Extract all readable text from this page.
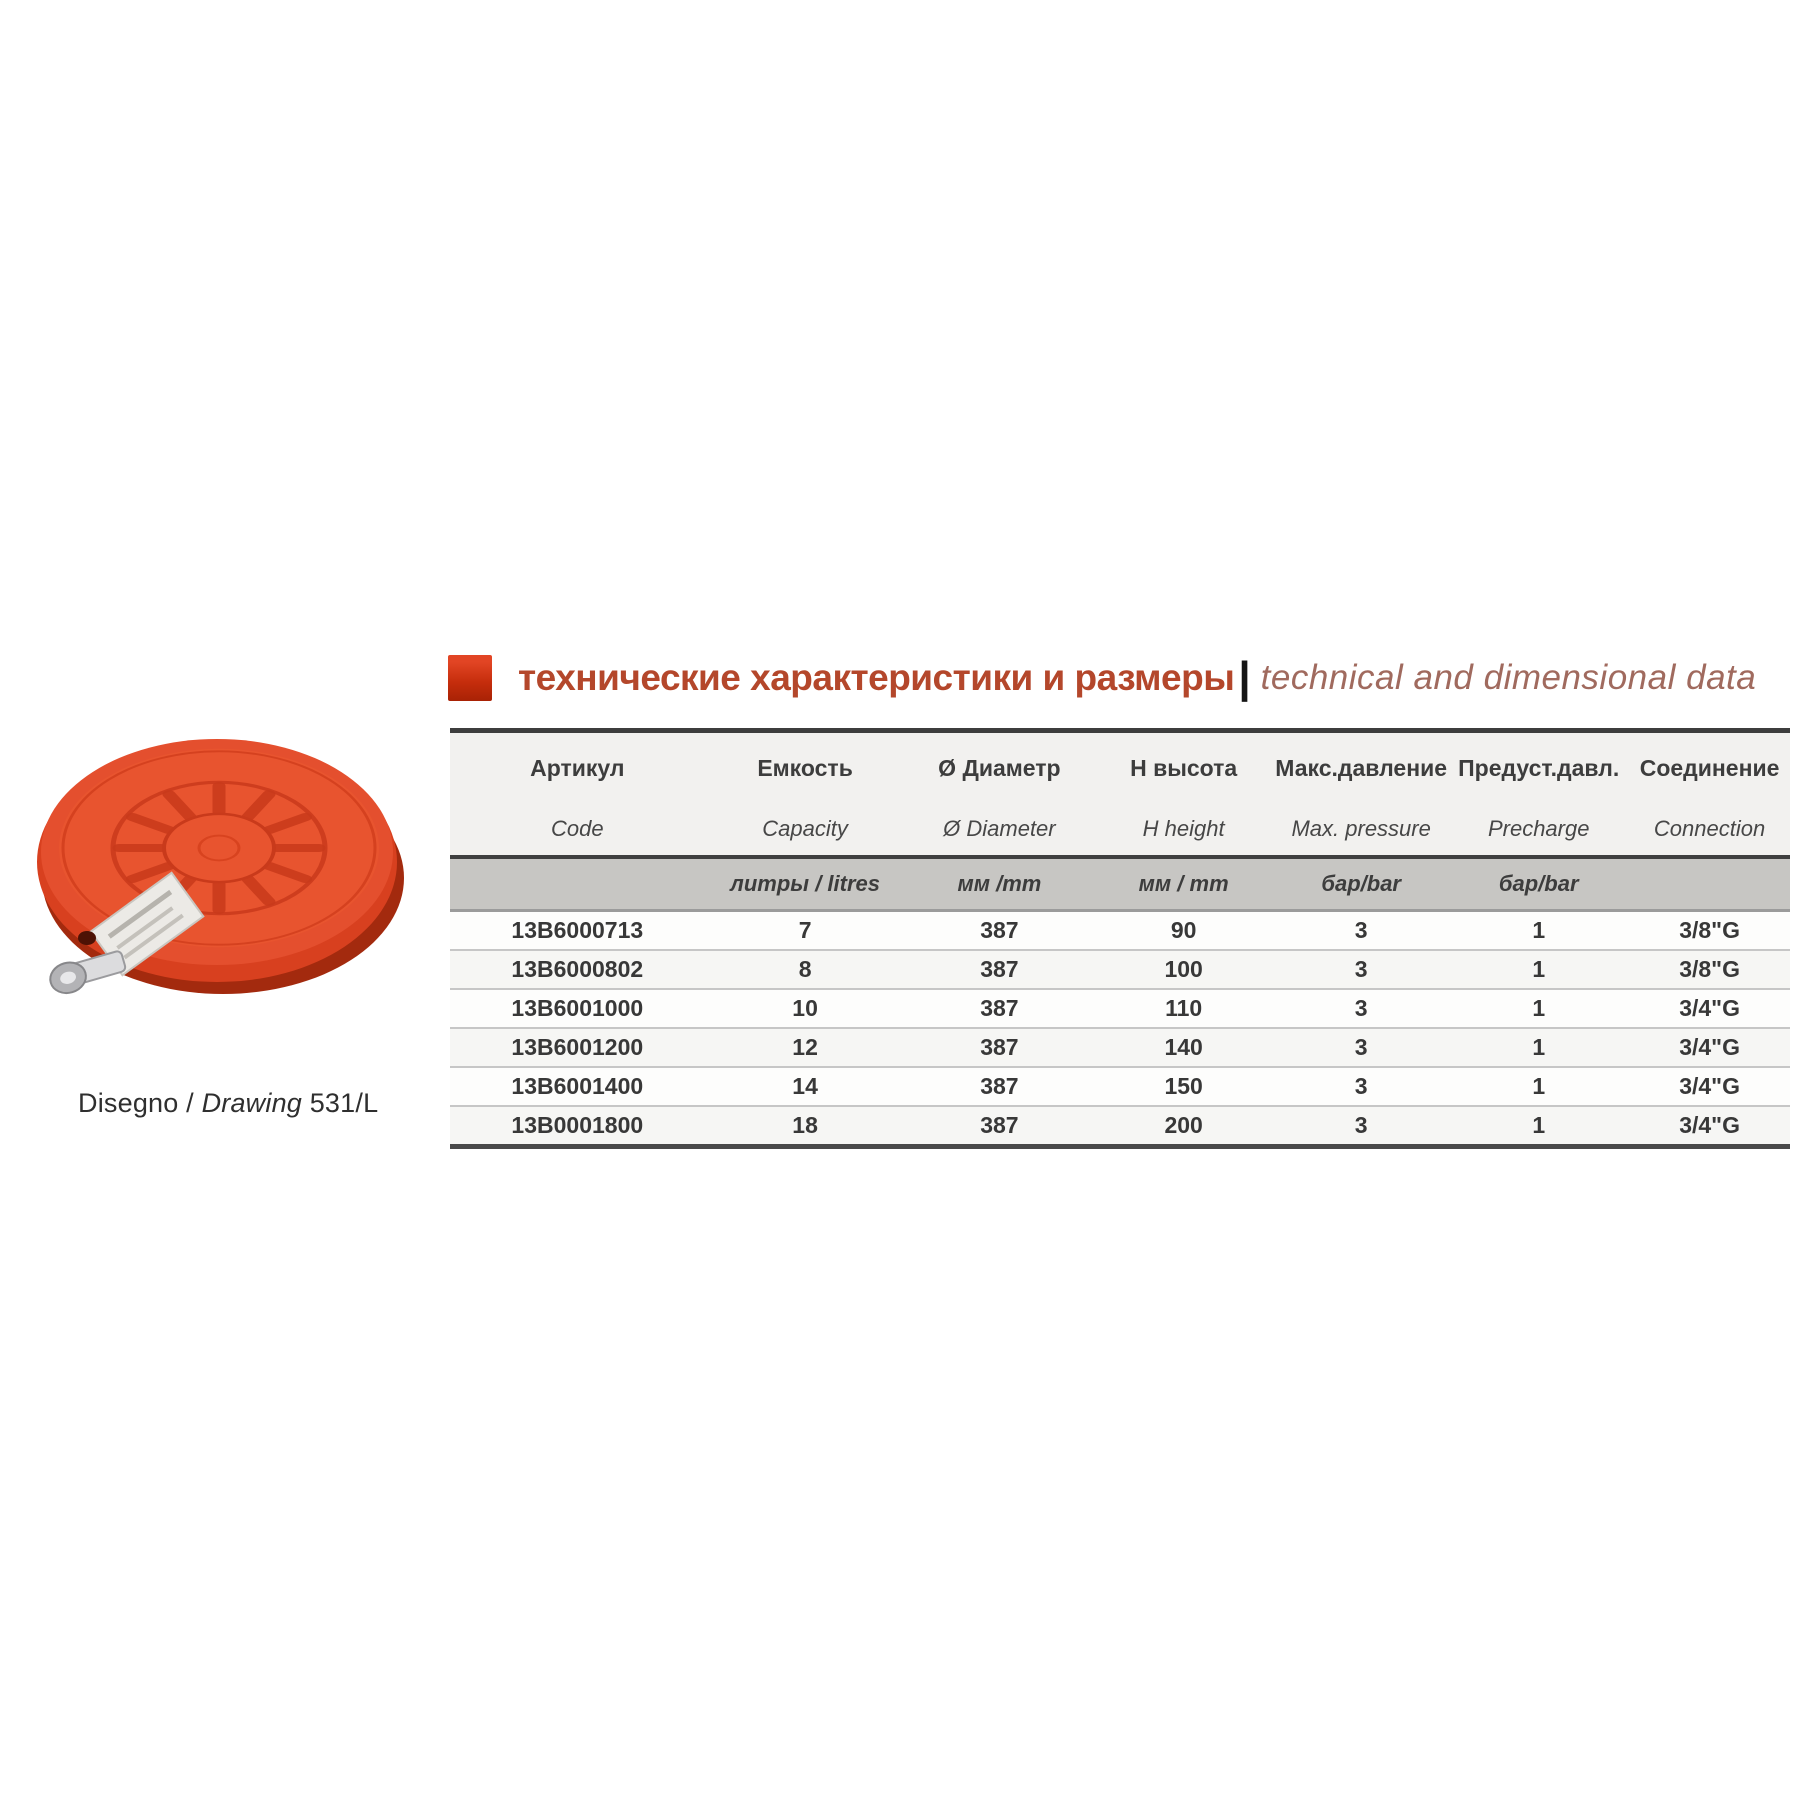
Disegno / Drawing 531/L
технические характеристики и размеры | technical and dimensional data
Артикул	Емкость	Ø Диаметр	Н высота	Макс.давление	Предуст.давл.	Соединение
Code	Capacity	Ø Diameter	H height	Max. pressure	Precharge	Connection
	литры / litres	мм /mm	мм / mm	бар/bar	бар/bar	
13B6000713	7	387	90	3	1	3/8"G
13B6000802	8	387	100	3	1	3/8"G
13B6001000	10	387	110	3	1	3/4"G
13B6001200	12	387	140	3	1	3/4"G
13B6001400	14	387	150	3	1	3/4"G
13B0001800	18	387	200	3	1	3/4"G
